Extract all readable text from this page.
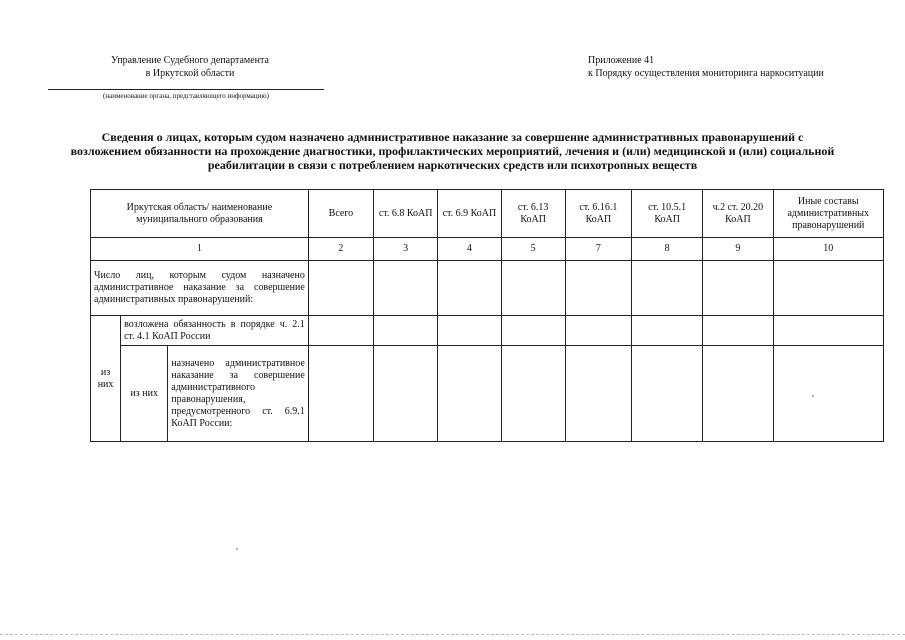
Управление Судебного департамента
в Иркутской области
(наименование органа, представляющего информацию)
Приложение 41
к Порядку осуществления мониторинга наркоситуации
Сведения о лицах, которым судом назначено административное наказание за совершение административных правонарушений с
возложением обязанности на прохождение диагностики, профилактических мероприятий, лечения и (или) медицинской и (или) социальной
реабилитации в связи с потреблением наркотических средств или психотропных веществ
Иркутская область/ наименование муниципального образования			Всего	ст. 6.8 КоАП	ст. 6.9 КоАП	ст. 6.13 КоАП	ст. 6.16.1 КоАП	ст. 10.5.1 КоАП	ч.2 ст. 20.20 КоАП	Иные составы административных правонарушений
1			2	3	4	5	7	8	9	10
Число лиц, которым судом назначено административное наказание за совершение административных правонарушений:										
из них	возложена обязанность в порядке ч. 2.1 ст. 4.1 КоАП России									
	из них	назначено административное наказание за совершение административного правонарушения, предусмотренного ст. 6.9.1 КоАП России:								
